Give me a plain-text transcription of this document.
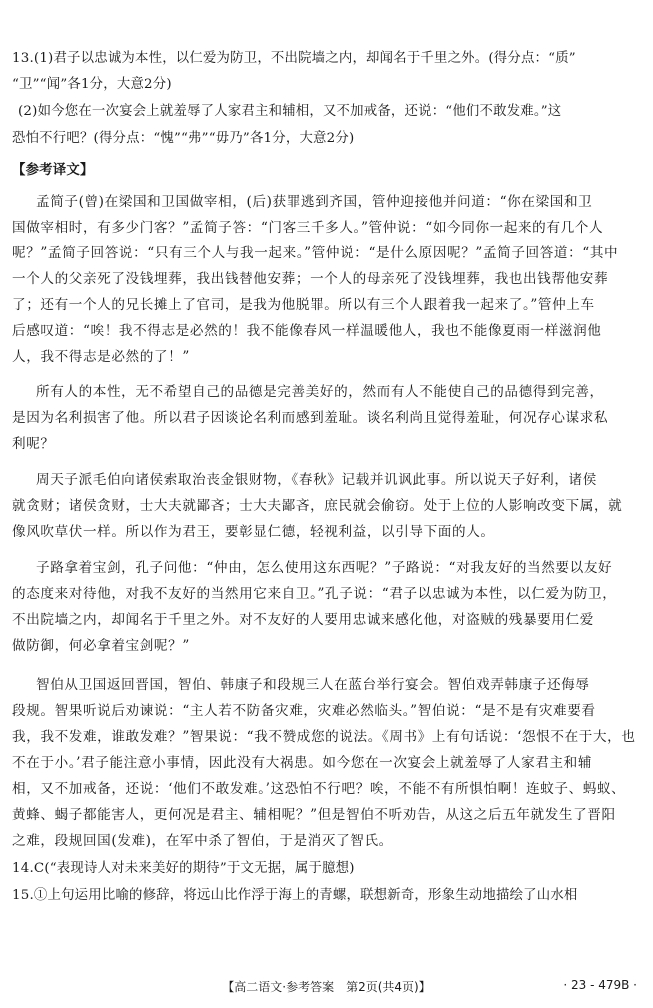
13.(1)君子以忠诚为本性，以仁爱为防卫，不出院墙之内，却闻名于千里之外。(得分点：“质”
“卫”“闻”各1分，大意2分)
(2)如今您在一次宴会上就羞辱了人家君主和辅相，又不加戒备，还说：“他们不敢发难。”这
恐怕不行吧？(得分点：“愧”“弗”“毋乃”各1分，大意2分)
【参考译文】
孟简子(曾)在梁国和卫国做宰相，(后)获罪逃到齐国，管仲迎接他并问道：“你在梁国和卫
国做宰相时，有多少门客？”孟简子答：“门客三千多人。”管仲说：“如今同你一起来的有几个人
呢？”孟简子回答说：“只有三个人与我一起来。”管仲说：“是什么原因呢？”孟简子回答道：“其中
一个人的父亲死了没钱埋葬，我出钱替他安葬；一个人的母亲死了没钱埋葬，我也出钱帮他安葬
了；还有一个人的兄长摊上了官司，是我为他脱罪。所以有三个人跟着我一起来了。”管仲上车
后感叹道：“唉！我不得志是必然的！我不能像春风一样温暖他人，我也不能像夏雨一样滋润他
人，我不得志是必然的了！”
所有人的本性，无不希望自己的品德是完善美好的，然而有人不能使自己的品德得到完善，
是因为名利损害了他。所以君子因谈论名利而感到羞耻。谈名利尚且觉得羞耻，何况存心谋求私
利呢？
周天子派毛伯向诸侯索取治丧金银财物，《春秋》记载并讥讽此事。所以说天子好利，诸侯
就贪财；诸侯贪财，士大夫就鄙吝；士大夫鄙吝，庶民就会偷窃。处于上位的人影响改变下属，就
像风吹草伏一样。所以作为君王，要彰显仁德，轻视利益，以引导下面的人。
子路拿着宝剑，孔子问他：“仲由，怎么使用这东西呢？”子路说：“对我友好的当然要以友好
的态度来对待他，对我不友好的当然用它来自卫。”孔子说：“君子以忠诚为本性，以仁爱为防卫，
不出院墙之内，却闻名于千里之外。对不友好的人要用忠诚来感化他，对盗贼的残暴要用仁爱
做防御，何必拿着宝剑呢？”
智伯从卫国返回晋国，智伯、韩康子和段规三人在蓝台举行宴会。智伯戏弄韩康子还侮辱
段规。智果听说后劝谏说：“主人若不防备灾难，灾难必然临头。”智伯说：“是不是有灾难要看
我，我不发难，谁敢发难？”智果说：“我不赞成您的说法。《周书》上有句话说：‘怨恨不在于大，也
不在于小。’君子能注意小事情，因此没有大祸患。如今您在一次宴会上就羞辱了人家君主和辅
相，又不加戒备，还说：‘他们不敢发难。’这恐怕不行吧？唉，不能不有所惧怕啊！连蚊子、蚂蚁、
黄蜂、蝎子都能害人，更何况是君主、辅相呢？”但是智伯不听劝告，从这之后五年就发生了晋阳
之难，段规回国(发难)，在军中杀了智伯，于是消灭了智氏。
14.C(“表现诗人对未来美好的期待”于文无据，属于臆想)
15.①上句运用比喻的修辞，将远山比作浮于海上的青螺，联想新奇，形象生动地描绘了山水相
【高二语文·参考答案　第2页(共4页)】	· 23 - 479B ·
